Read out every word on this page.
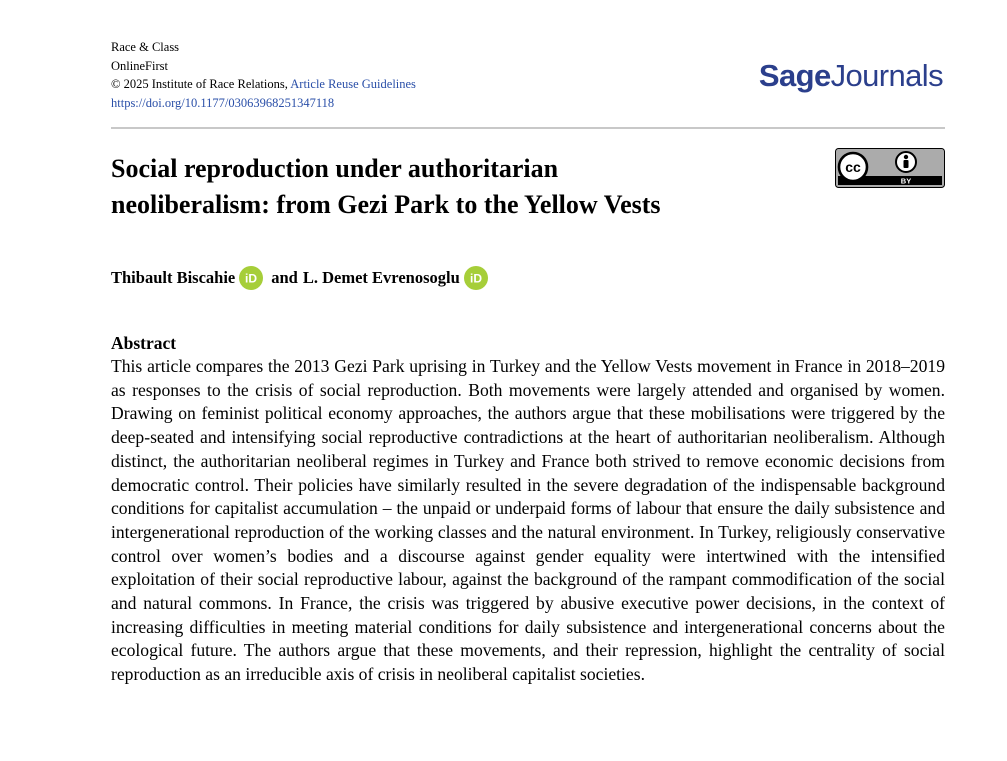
Race & Class
OnlineFirst
© 2025 Institute of Race Relations, Article Reuse Guidelines
https://doi.org/10.1177/03063968251347118
SageJournals
Social reproduction under authoritarian
neoliberalism: from Gezi Park to the Yellow Vests
cc
BY
Thibault Biscahie iD and L. Demet Evrenosoglu iD
Abstract
This article compares the 2013 Gezi Park uprising in Turkey and the Yellow Vests movement in France in 2018–2019 as responses to the crisis of social reproduction. Both movements were largely attended and organised by women. Drawing on feminist political economy approaches, the authors argue that these mobilisations were triggered by the deep-seated and intensifying social reproductive contradictions at the heart of authoritarian neoliberalism. Although distinct, the authoritarian neoliberal regimes in Turkey and France both strived to remove economic decisions from democratic control. Their policies have similarly resulted in the severe degradation of the indispensable background conditions for capitalist accumulation – the unpaid or underpaid forms of labour that ensure the daily subsistence and intergenerational reproduction of the working classes and the natural environment. In Turkey, religiously conservative control over women’s bodies and a discourse against gender equality were intertwined with the intensified exploitation of their social reproductive labour, against the background of the rampant commodification of the social and natural commons. In France, the crisis was triggered by abusive executive power decisions, in the context of increasing difficulties in meeting material conditions for daily subsistence and intergenerational concerns about the ecological future. The authors argue that these movements, and their repression, highlight the centrality of social reproduction as an irreducible axis of crisis in neoliberal capitalist societies.
